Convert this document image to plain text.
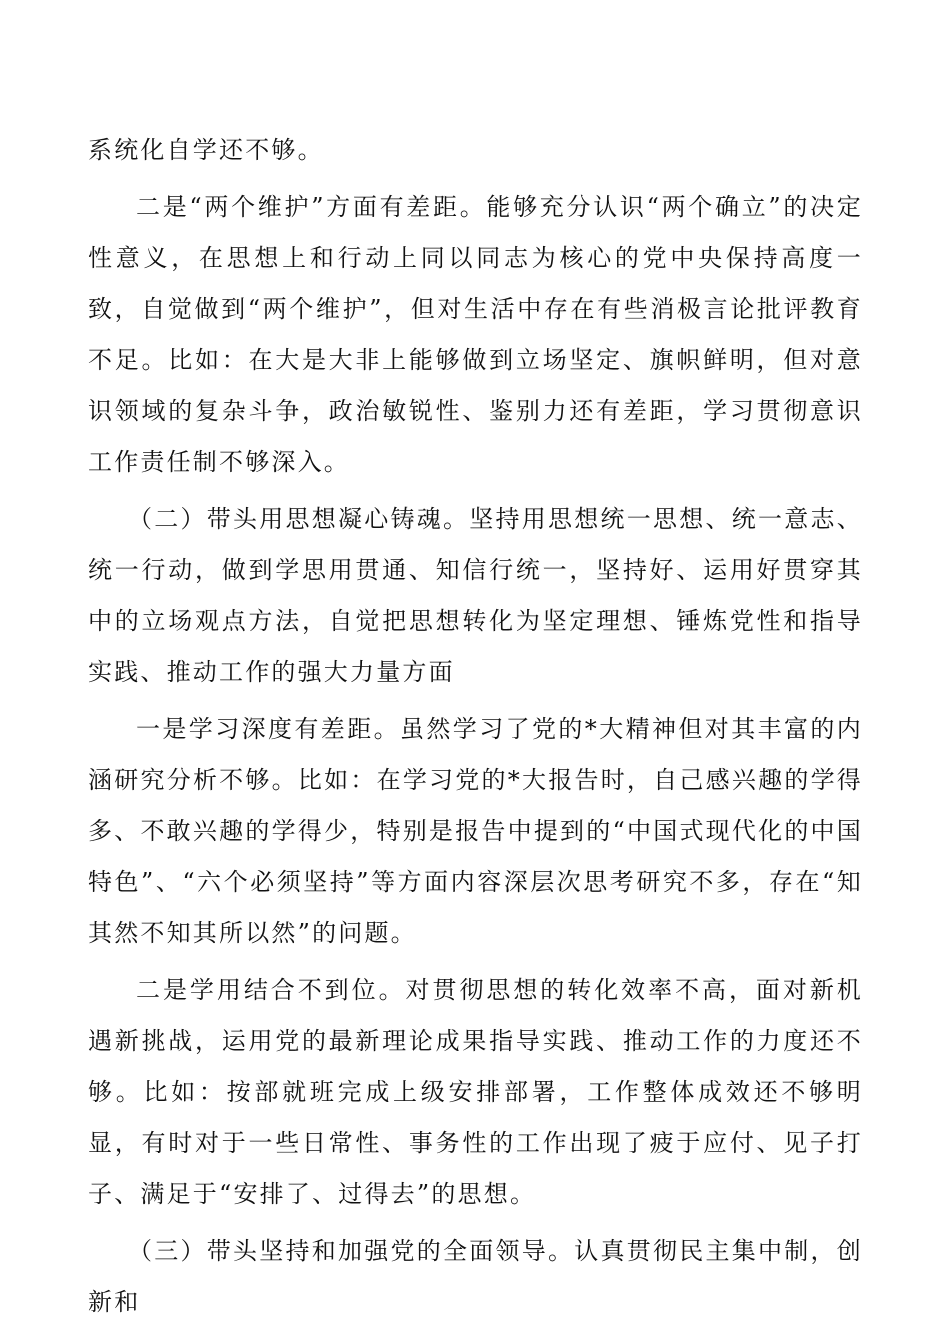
系统化自学还不够。

二是“两个维护”方面有差距。能够充分认识“两个确立”的决定性意义，在思想上和行动上同以同志为核心的党中央保持高度一致，自觉做到“两个维护”，但对生活中存在有些消极言论批评教育不足。比如：在大是大非上能够做到立场坚定、旗帜鲜明，但对意识领域的复杂斗争，政治敏锐性、鉴别力还有差距，学习贯彻意识工作责任制不够深入。

（二）带头用思想凝心铸魂。坚持用思想统一思想、统一意志、统一行动，做到学思用贯通、知信行统一，坚持好、运用好贯穿其中的立场观点方法，自觉把思想转化为坚定理想、锤炼党性和指导实践、推动工作的强大力量方面

一是学习深度有差距。虽然学习了党的*大精神但对其丰富的内涵研究分析不够。比如：在学习党的*大报告时，自己感兴趣的学得多、不敢兴趣的学得少，特别是报告中提到的“中国式现代化的中国特色”、“六个必须坚持”等方面内容深层次思考研究不多，存在“知其然不知其所以然”的问题。

二是学用结合不到位。对贯彻思想的转化效率不高，面对新机遇新挑战，运用党的最新理论成果指导实践、推动工作的力度还不够。比如：按部就班完成上级安排部署，工作整体成效还不够明显，有时对于一些日常性、事务性的工作出现了疲于应付、见子打子、满足于“安排了、过得去”的思想。

（三）带头坚持和加强党的全面领导。认真贯彻民主集中制，创新和
